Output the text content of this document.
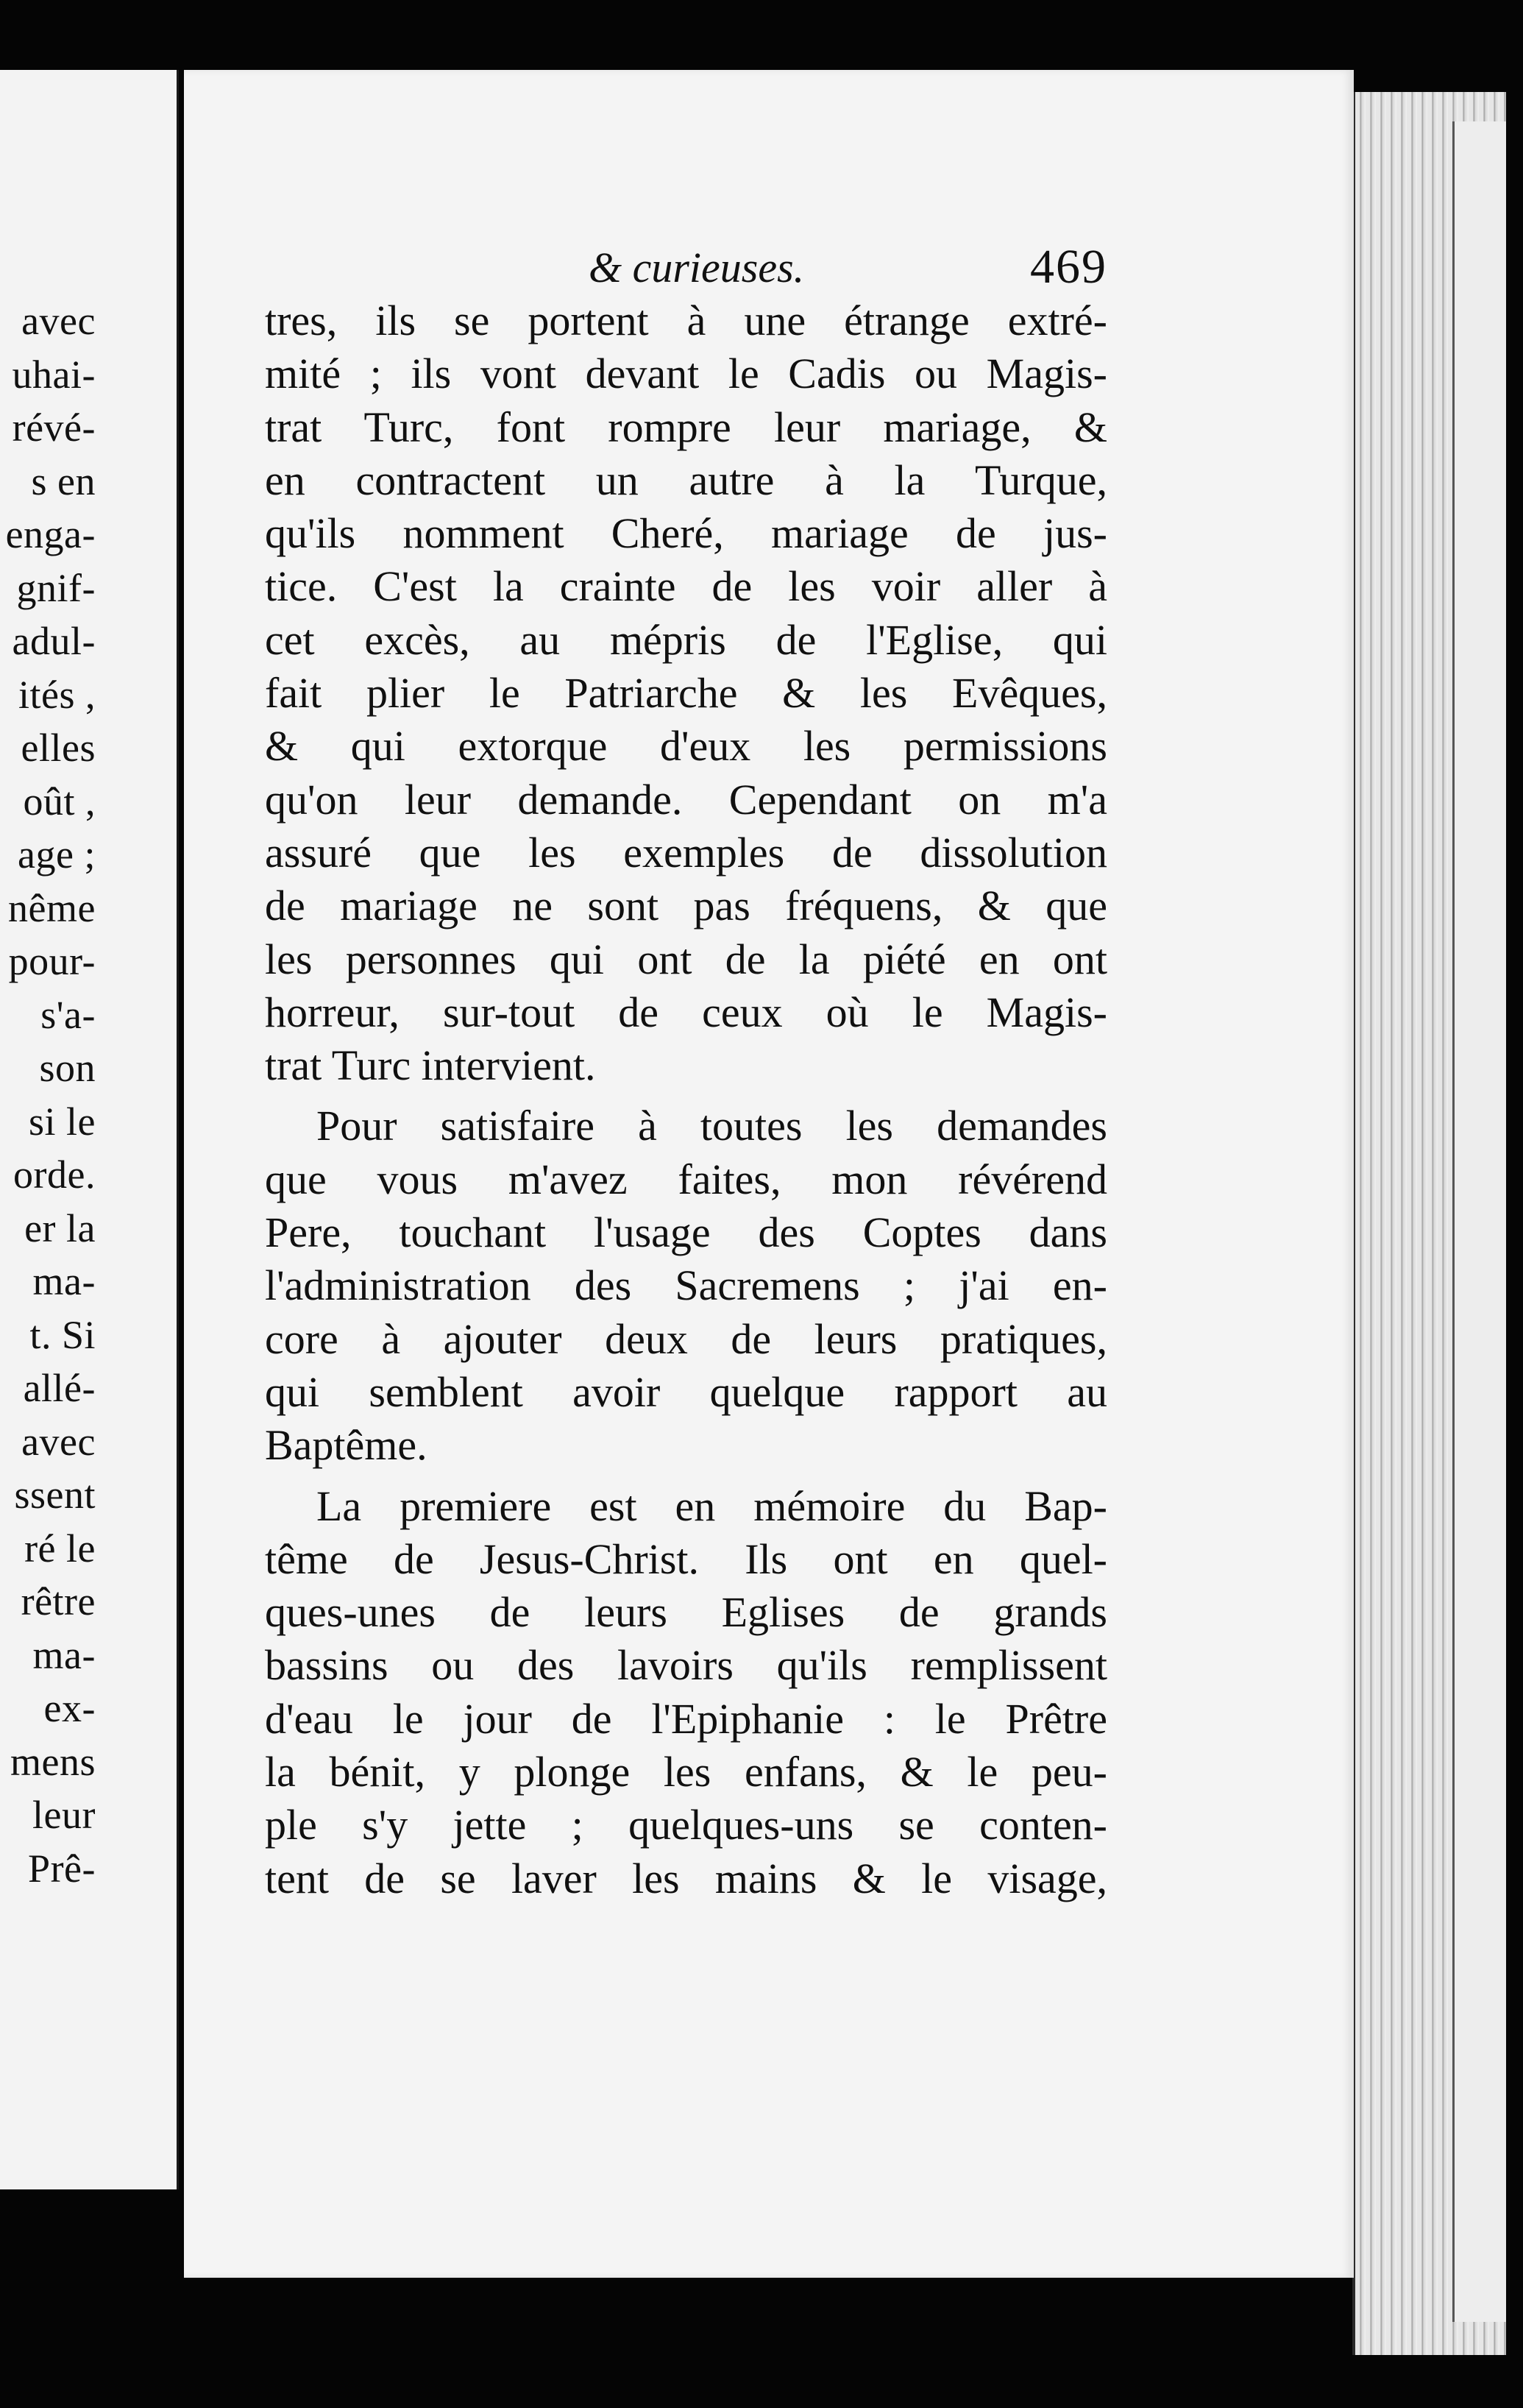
avec
uhai-
révé-
s en
enga-
gnif-
adul-
ités ,
elles
oût ,
age ;
nême
pour-
s'a-
son
si le
orde.
er la
ma-
t. Si
allé-
avec
ssent
ré le
rêtre
ma-
ex-
mens
leur
Prê-
& curieuses.	469
tres, ils se portent à une étrange extré-
mité ; ils vont devant le Cadis ou Magis-
trat Turc, font rompre leur mariage, &
en contractent un autre à la Turque,
qu'ils nomment Cheré, mariage de jus-
tice. C'est la crainte de les voir aller à
cet excès, au mépris de l'Eglise, qui
fait plier le Patriarche & les Evêques,
& qui extorque d'eux les permissions
qu'on leur demande. Cependant on m'a
assuré que les exemples de dissolution
de mariage ne sont pas fréquens, & que
les personnes qui ont de la piété en ont
horreur, sur-tout de ceux où le Magis-
trat Turc intervient.
Pour satisfaire à toutes les demandes
que vous m'avez faites, mon révérend
Pere, touchant l'usage des Coptes dans
l'administration des Sacremens ; j'ai en-
core à ajouter deux de leurs pratiques,
qui semblent avoir quelque rapport au
Baptême.
La premiere est en mémoire du Bap-
tême de Jesus-Christ. Ils ont en quel-
ques-unes de leurs Eglises de grands
bassins ou des lavoirs qu'ils remplissent
d'eau le jour de l'Epiphanie : le Prêtre
la bénit, y plonge les enfans, & le peu-
ple s'y jette ; quelques-uns se conten-
tent de se laver les mains & le visage,
